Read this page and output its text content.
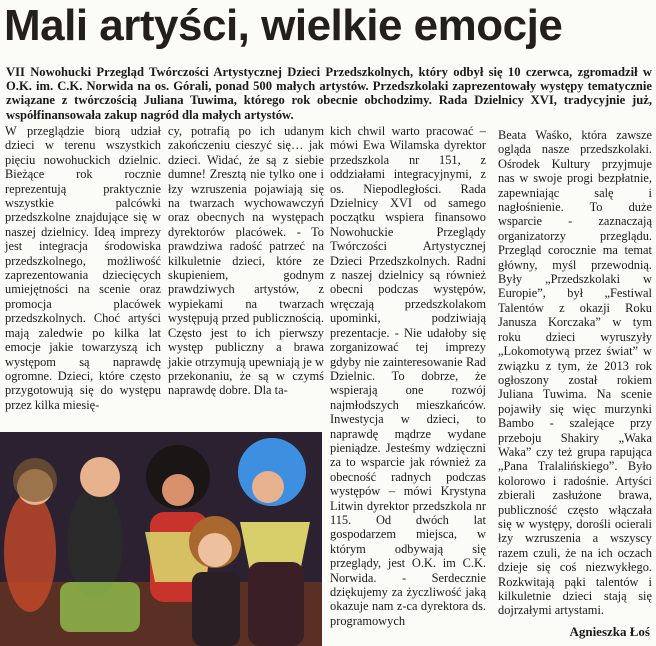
Mali artyści, wielkie emocje
VII Nowohucki Przegląd Twórczości Artystycznej Dzieci Przedszkolnych, który odbył się 10 czerwca, zgromadził w O.K. im. C.K. Norwida na os. Górali, ponad 500 małych artystów. Przedszkolaki zaprezentowały występy tematycznie związane z twórczością Juliana Tuwima, którego rok obecnie obchodzimy. Rada Dzielnicy XVI, tradycyjnie już, współfinansowała zakup nagród dla małych artystów.

W przeglądzie biorą udział dzieci w terenu wszystkich pięciu nowohuckich dzielnic. Bieżące rok rocznie reprezentują praktycznie wszystkie palcówki przedszkolne znajdujące się w naszej dzielnicy. Ideą imprezy jest integracja środowiska przedszkolnego, możliwość zaprezentowania dziecięcych umiejętności na scenie oraz promocja placówek przedszkolnych. Choć artyści mają zaledwie po kilka lat emocje jakie towarzyszą ich występom są naprawdę ogromne. Dzieci, które często przygotowują się do występu przez kilka miesię-

cy, potrafią po ich udanym zakończeniu cieszyć się… jak dzieci. Widać, że są z siebie dumne! Zresztą nie tylko one i łzy wzruszenia pojawiają się na twarzach wychowawczyń oraz obecnych na występach dyrektorów placówek. - To prawdziwa radość patrzeć na kilkuletnie dzieci, które ze skupieniem, godnym prawdziwych artystów, z wypiekami na twarzach występują przed publicznością. Często jest to ich pierwszy występ publiczny a brawa jakie otrzymują upewniają je w przekonaniu, że są w czymś naprawdę dobre. Dla ta-

kich chwil warto pracować – mówi Ewa Wilamska dyrektor przedszkola nr 151, z oddziałami integracyjnymi, z os. Niepodległości. Rada Dzielnicy XVI od samego początku wspiera finansowo Nowohuckie Przeglądy Twórczości Artystycznej Dzieci Przedszkolnych. Radni z naszej dzielnicy są również obecni podczas występów, wręczają przedszkolakom upominki, podziwiają prezentacje. - Nie udałoby się zorganizować tej imprezy gdyby nie zainteresowanie Rad Dzielnic. To dobrze, że wspierają one rozwój najmłodszych mieszkańców. Inwestycja w dzieci, to naprawdę mądrze wydane pieniądze. Jesteśmy wdzięczni za to wsparcie jak również za obecność radnych podczas występów – mówi Krystyna Litwin dyrektor przedszkola nr 115. Od dwóch lat gospodarzem miejsca, w którym odbywają się przeglądy, jest O.K. im C.K. Norwida. - Serdecznie dziękujemy za życzliwość jaką okazuje nam z-ca dyrektora ds. programowych

Beata Waśko, która zawsze ogląda nasze przedszkolaki. Ośrodek Kultury przyjmuje nas w swoje progi bezpłatnie, zapewniając salę i nagłośnienie. To duże wsparcie - zaznaczają organizatorzy przeglądu. Przegląd corocznie ma temat główny, myśl przewodnią. Były „Przedszkolaki w Europie”, był „Festiwal Talentów z okazji Roku Janusza Korczaka” w tym roku dzieci wyruszyły „Lokomotywą przez świat” w związku z tym, że 2013 rok ogłoszony został rokiem Juliana Tuwima. Na scenie pojawiły się więc murzynki Bambo - szalejące przy przeboju Shakiry „Waka Waka” czy też grupa rapująca „Pana Tralalińskiego”. Było kolorowo i radośnie. Artyści zbierali zasłużone brawa, publiczność często włączała się w występy, dorośli ocierali łzy wzruszenia a wszyscy razem czuli, że na ich oczach dzieje się coś niezwykłego. Rozkwitają pąki talentów i kilkuletnie dzieci stają się dojrzałymi artystami.

Agnieszka Łoś
